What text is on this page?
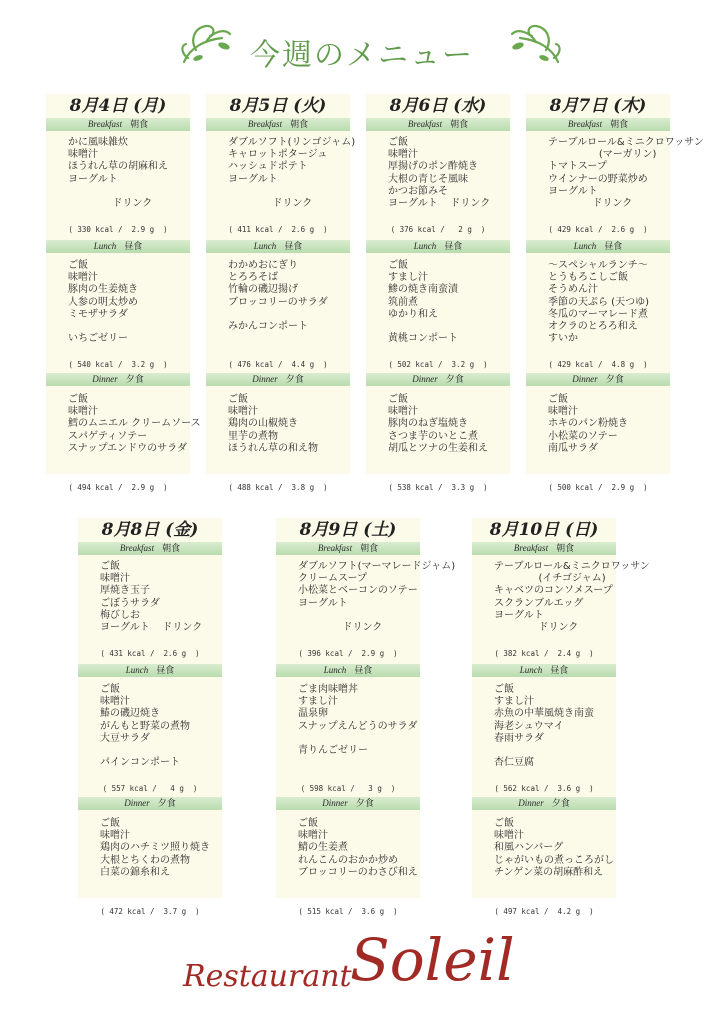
今週のメニュー
8月4日 (月)
Breakfast 朝食
かに風味雑炊
味噌汁
ほうれん草の胡麻和え
ヨーグルト
ドリンク
( 330 kcal /  2.9 g  )
Lunch 昼食
ご飯
味噌汁
豚肉の生姜焼き
人参の明太炒め
ミモザサラダ
いちごゼリー
( 540 kcal /  3.2 g  )
Dinner 夕食
ご飯
味噌汁
鱈のムニエル クリームソース
スパゲティソテー
スナップエンドウのサラダ
( 494 kcal /  2.9 g  )
8月5日 (火)
Breakfast 朝食
ダブルソフト(リンゴジャム)
キャロットポタージュ
ハッシュドポテト
ヨーグルト
ドリンク
( 411 kcal /  2.6 g  )
Lunch 昼食
わかめおにぎり
とろろそば
竹輪の磯辺揚げ
ブロッコリーのサラダ
みかんコンポート
( 476 kcal /  4.4 g  )
Dinner 夕食
ご飯
味噌汁
鶏肉の山椒焼き
里芋の煮物
ほうれん草の和え物
( 488 kcal /  3.8 g  )
8月6日 (水)
Breakfast 朝食
ご飯
味噌汁
厚揚げのポン酢焼き
大根の青じそ風味
かつお節みそ
ヨーグルト    ドリンク
( 376 kcal /   2 g  )
Lunch 昼食
ご飯
すまし汁
鯵の焼き南蛮漬
筑前煮
ゆかり和え
黄桃コンポート
( 502 kcal /  3.2 g  )
Dinner 夕食
ご飯
味噌汁
豚肉のねぎ塩焼き
さつま芋のいとこ煮
胡瓜とツナの生姜和え
( 538 kcal /  3.3 g  )
8月7日 (木)
Breakfast 朝食
テーブルロール&ミニクロワッサン
(マーガリン)
トマトスープ
ウインナーの野菜炒め
ヨーグルト
ドリンク
( 429 kcal /  2.6 g  )
Lunch 昼食
～スペシャルランチ～
とうもろこしご飯
そうめん汁
季節の天ぷら (天つゆ)
冬瓜のマーマレード煮
オクラのとろろ和え
すいか
( 429 kcal /  4.8 g  )
Dinner 夕食
ご飯
味噌汁
ホキのパン粉焼き
小松菜のソテー
南瓜サラダ
( 500 kcal /  2.9 g  )
8月8日 (金)
Breakfast 朝食
ご飯
味噌汁
厚焼き玉子
ごぼうサラダ
梅びしお
ヨーグルト    ドリンク
( 431 kcal /  2.6 g  )
Lunch 昼食
ご飯
味噌汁
鰆の磯辺焼き
がんもと野菜の煮物
大豆サラダ
パインコンポート
( 557 kcal /   4 g  )
Dinner 夕食
ご飯
味噌汁
鶏肉のハチミツ照り焼き
大根とちくわの煮物
白菜の錦糸和え
( 472 kcal /  3.7 g  )
8月9日 (土)
Breakfast 朝食
ダブルソフト(マーマレードジャム)
クリームスープ
小松菜とベーコンのソテー
ヨーグルト
ドリンク
( 396 kcal /  2.9 g  )
Lunch 昼食
ごま肉味噌丼
すまし汁
温泉卵
スナップえんどうのサラダ
青りんごゼリー
( 598 kcal /   3 g  )
Dinner 夕食
ご飯
味噌汁
鯖の生姜煮
れんこんのおかか炒め
ブロッコリーのわさび和え
( 515 kcal /  3.6 g  )
8月10日 (日)
Breakfast 朝食
テーブルロール&ミニクロワッサン
(イチゴジャム)
キャベツのコンソメスープ
スクランブルエッグ
ヨーグルト
ドリンク
( 382 kcal /  2.4 g  )
Lunch 昼食
ご飯
すまし汁
赤魚の中華風焼き南蛮
海老シュウマイ
春雨サラダ
杏仁豆腐
( 562 kcal /  3.6 g  )
Dinner 夕食
ご飯
味噌汁
和風ハンバーグ
じゃがいもの煮っころがし
チンゲン菜の胡麻酢和え
( 497 kcal /  4.2 g  )
Restaurant
Soleil
